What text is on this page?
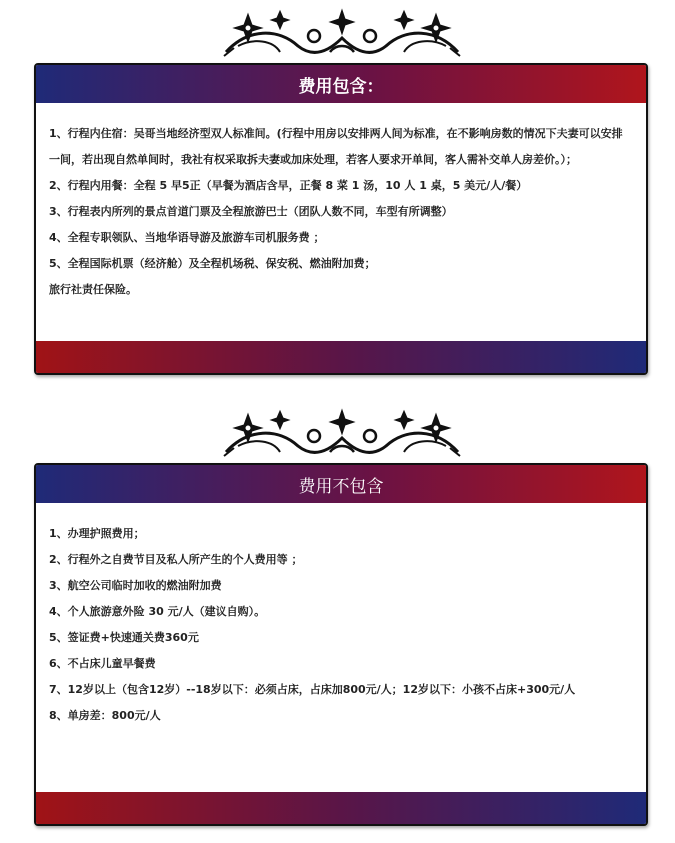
费用包含：
1、行程内住宿：吴哥当地经济型双人标准间。(行程中用房以安排两人间为标准，在不影响房数的情况下夫妻可以安排一间，若出现自然单间时，我社有权采取拆夫妻或加床处理，若客人要求开单间，客人需补交单人房差价。）；
2、行程内用餐：全程 5 早5正（早餐为酒店含早，正餐 8 菜 1 汤，10 人 1 桌，5 美元/人/餐）
3、行程表内所列的景点首道门票及全程旅游巴士（团队人数不同，车型有所调整）
4、全程专职领队、当地华语导游及旅游车司机服务费 ；
5、全程国际机票（经济舱）及全程机场税、保安税、燃油附加费；
旅行社责任保险。
费用不包含
1、办理护照费用；
2、行程外之自费节目及私人所产生的个人费用等 ；
3、航空公司临时加收的燃油附加费
4、个人旅游意外险 30 元/人（建议自购）。
5、签证费+快速通关费360元
6、不占床儿童早餐费
7、12岁以上（包含12岁）--18岁以下：必须占床，占床加800元/人；12岁以下：小孩不占床+300元/人
8、单房差：800元/人
